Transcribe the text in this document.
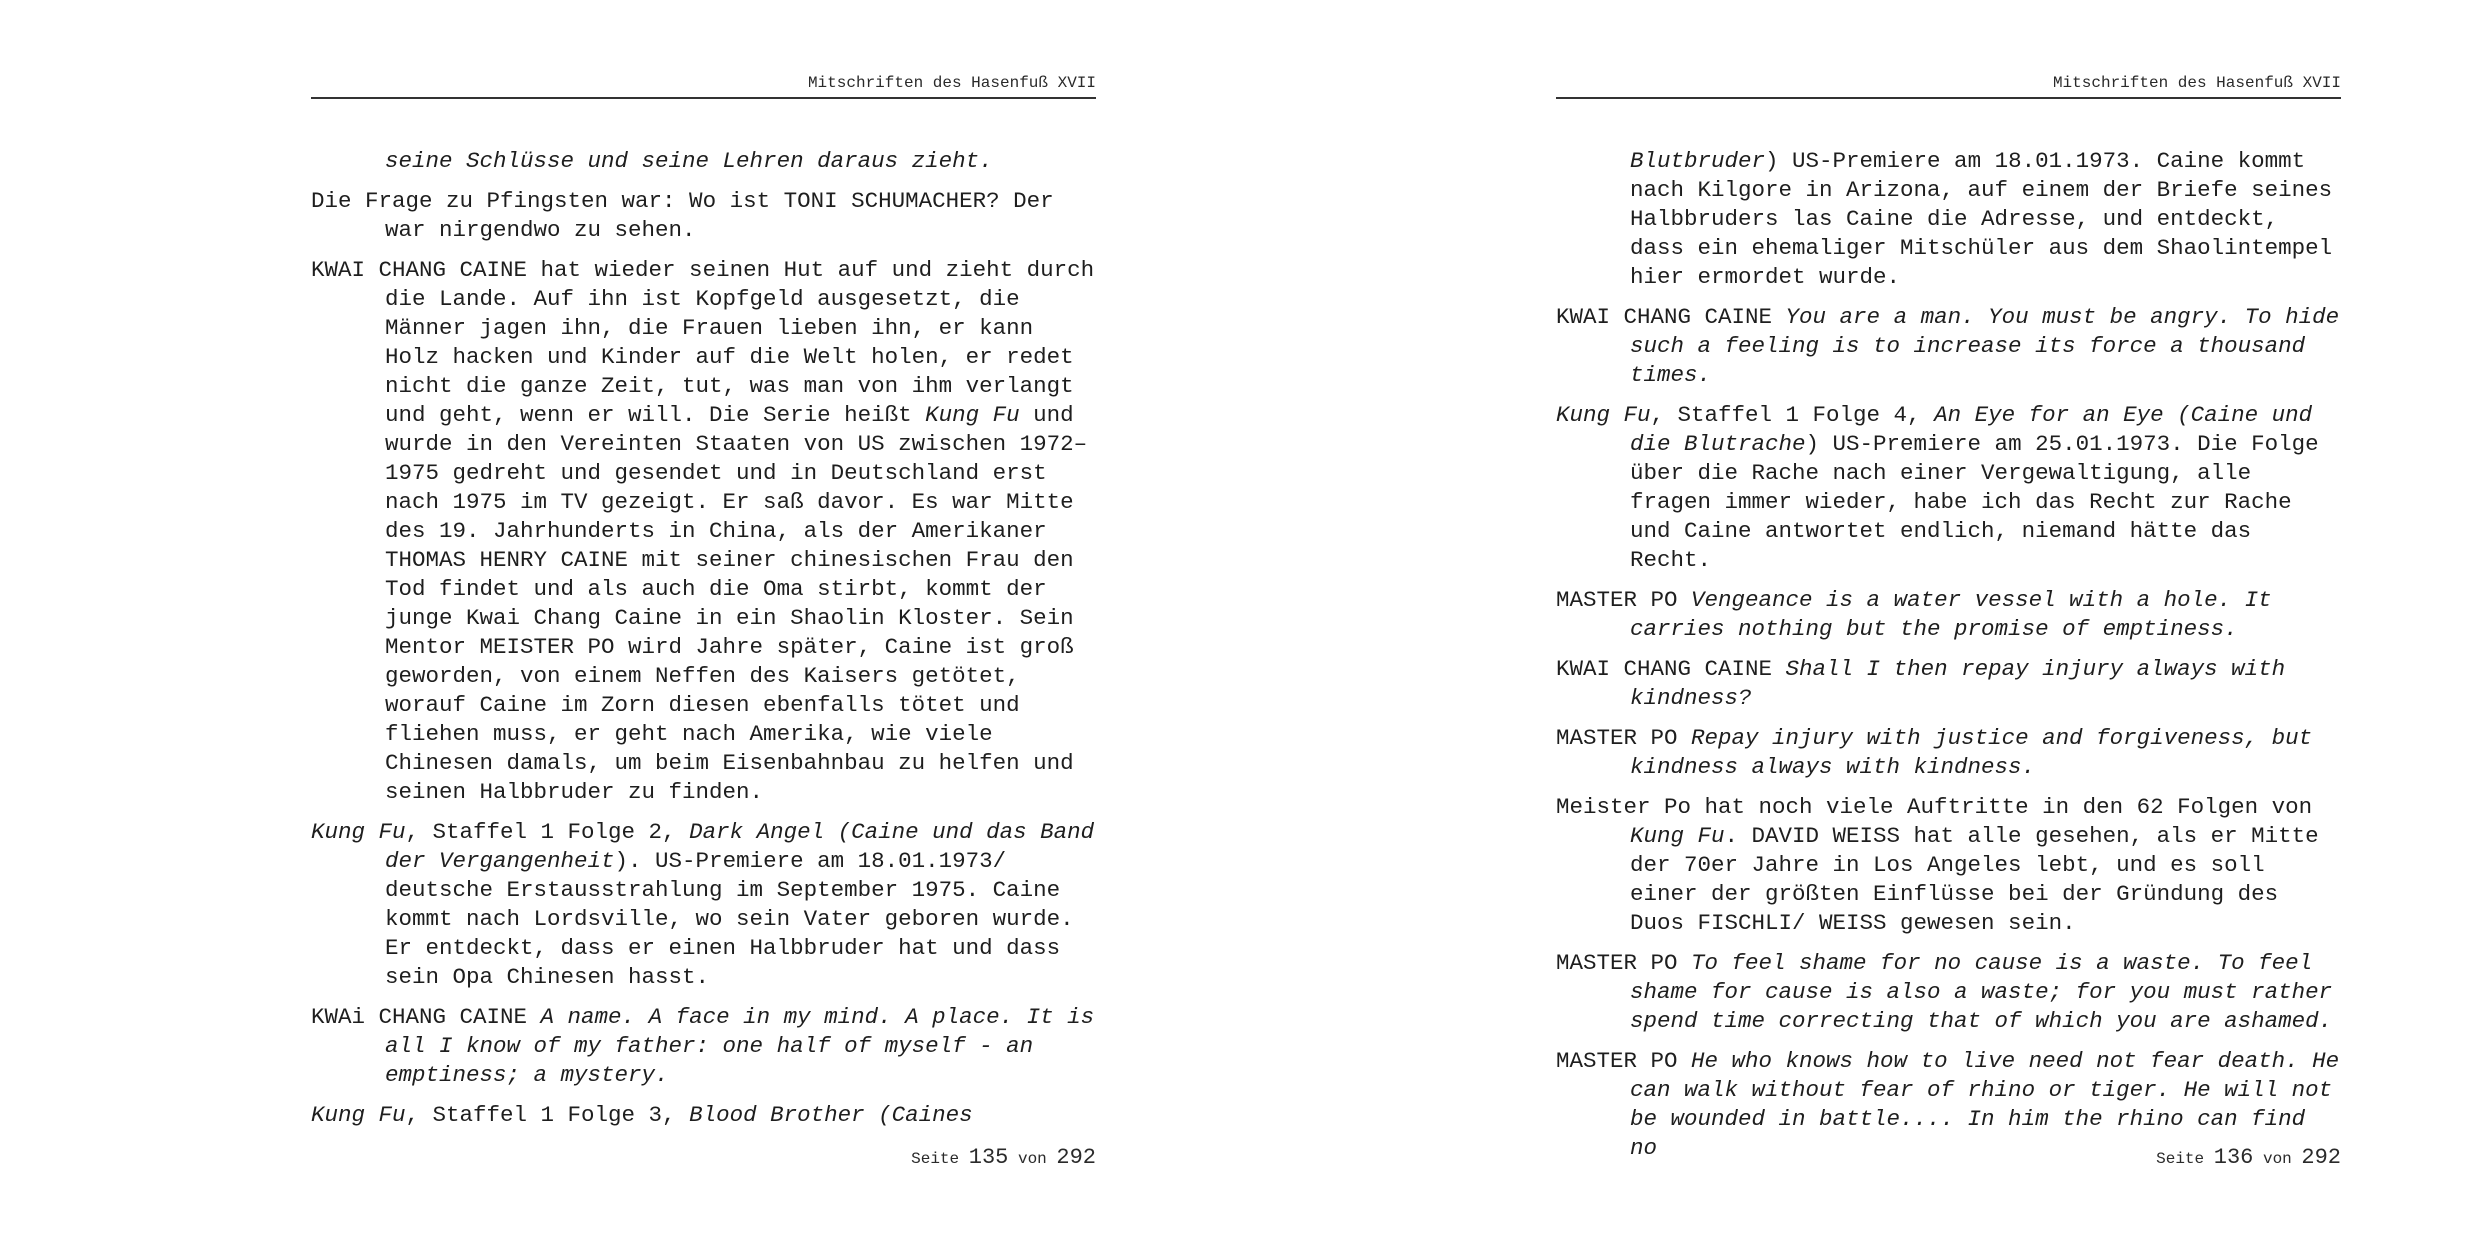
Mitschriften des Hasenfuß XVII

seine Schlüsse und seine Lehren daraus zieht.

Die Frage zu Pfingsten war: Wo ist TONI SCHUMACHER? Der war nirgendwo zu sehen.

KWAI CHANG CAINE hat wieder seinen Hut auf und zieht durch die Lande. Auf ihn ist Kopfgeld ausgesetzt, die Männer jagen ihn, die Frauen lieben ihn, er kann Holz hacken und Kinder auf die Welt holen, er redet nicht die ganze Zeit, tut, was man von ihm verlangt und geht, wenn er will. Die Serie heißt Kung Fu und wurde in den Vereinten Staaten von US zwischen 1972–1975 gedreht und gesendet und in Deutschland erst nach 1975 im TV gezeigt. Er saß davor. Es war Mitte des 19. Jahrhunderts in China, als der Amerikaner THOMAS HENRY CAINE mit seiner chinesischen Frau den Tod findet und als auch die Oma stirbt, kommt der junge Kwai Chang Caine in ein Shaolin Kloster. Sein Mentor MEISTER PO wird Jahre später, Caine ist groß geworden, von einem Neffen des Kaisers getötet, worauf Caine im Zorn diesen ebenfalls tötet und fliehen muss, er geht nach Amerika, wie viele Chinesen damals, um beim Eisenbahnbau zu helfen und seinen Halbbruder zu finden.

Kung Fu, Staffel 1 Folge 2, Dark Angel (Caine und das Band der Vergangenheit). US-Premiere am 18.01.1973/ deutsche Erstausstrahlung im September 1975. Caine kommt nach Lordsville, wo sein Vater geboren wurde. Er entdeckt, dass er einen Halbbruder hat und dass sein Opa Chinesen hasst.

KWAi CHANG CAINE A name. A face in my mind. A place. It is all I know of my father: one half of myself - an emptiness; a mystery.

Kung Fu, Staffel 1 Folge 3, Blood Brother (Caines

Seite 135 von 292
Mitschriften des Hasenfuß XVII

Blutbruder) US-Premiere am 18.01.1973. Caine kommt nach Kilgore in Arizona, auf einem der Briefe seines Halbbruders las Caine die Adresse, und entdeckt, dass ein ehemaliger Mitschüler aus dem Shaolintempel hier ermordet wurde.

KWAI CHANG CAINE You are a man. You must be angry. To hide such a feeling is to increase its force a thousand times.

Kung Fu, Staffel 1 Folge 4, An Eye for an Eye (Caine und die Blutrache) US-Premiere am 25.01.1973. Die Folge über die Rache nach einer Vergewaltigung, alle fragen immer wieder, habe ich das Recht zur Rache und Caine antwortet endlich, niemand hätte das Recht.

MASTER PO Vengeance is a water vessel with a hole. It carries nothing but the promise of emptiness.

KWAI CHANG CAINE Shall I then repay injury always with kindness?

MASTER PO Repay injury with justice and forgiveness, but kindness always with kindness.

Meister Po hat noch viele Auftritte in den 62 Folgen von Kung Fu. DAVID WEISS hat alle gesehen, als er Mitte der 70er Jahre in Los Angeles lebt, und es soll einer der größten Einflüsse bei der Gründung des Duos FISCHLI/ WEISS gewesen sein.

MASTER PO To feel shame for no cause is a waste. To feel shame for cause is also a waste; for you must rather spend time correcting that of which you are ashamed.

MASTER PO He who knows how to live need not fear death. He can walk without fear of rhino or tiger. He will not be wounded in battle.... In him the rhino can find no	Seite 136 von 292
